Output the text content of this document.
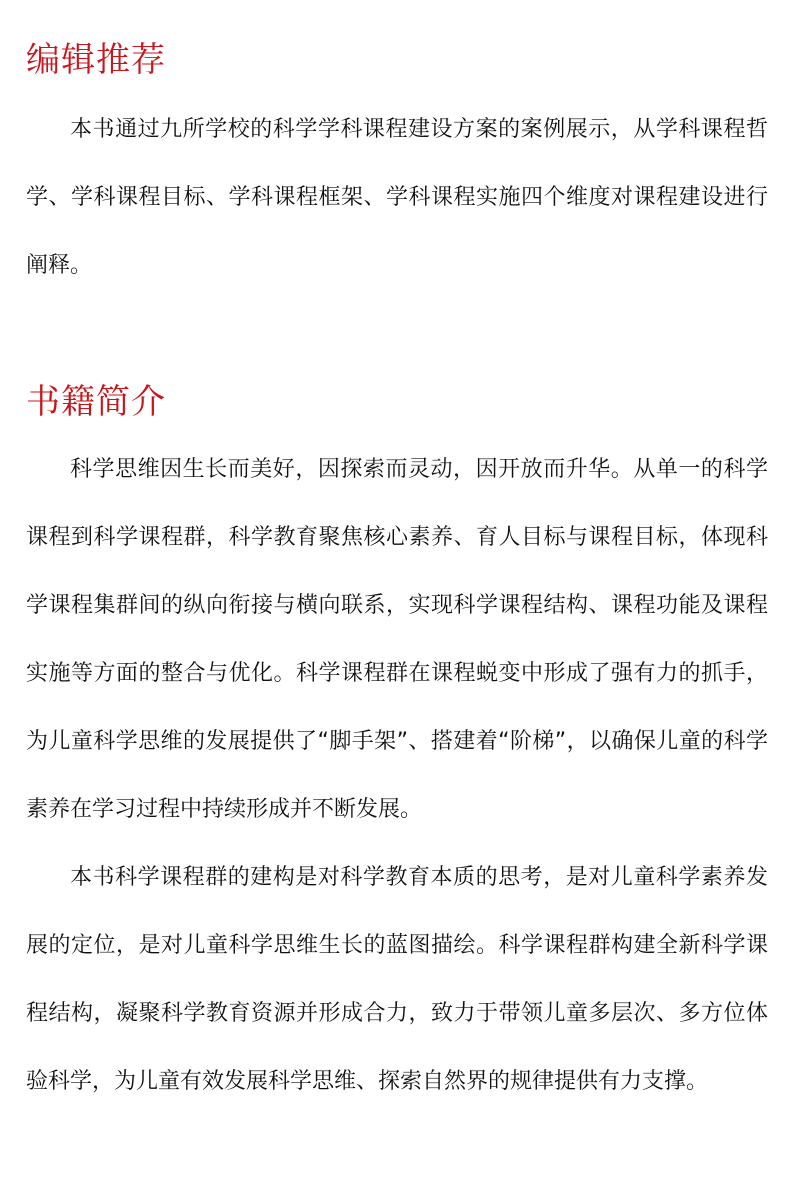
编辑推荐

本书通过九所学校的科学学科课程建设方案的案例展示，从学科课程哲学、学科课程目标、学科课程框架、学科课程实施四个维度对课程建设进行阐释。

书籍简介

科学思维因生长而美好，因探索而灵动，因开放而升华。从单一的科学课程到科学课程群，科学教育聚焦核心素养、育人目标与课程目标，体现科学课程集群间的纵向衔接与横向联系，实现科学课程结构、课程功能及课程实施等方面的整合与优化。科学课程群在课程蜕变中形成了强有力的抓手，为儿童科学思维的发展提供了“脚手架”、搭建着“阶梯”，以确保儿童的科学素养在学习过程中持续形成并不断发展。

本书科学课程群的建构是对科学教育本质的思考，是对儿童科学素养发展的定位，是对儿童科学思维生长的蓝图描绘。科学课程群构建全新科学课程结构，凝聚科学教育资源并形成合力，致力于带领儿童多层次、多方位体验科学，为儿童有效发展科学思维、探索自然界的规律提供有力支撑。
